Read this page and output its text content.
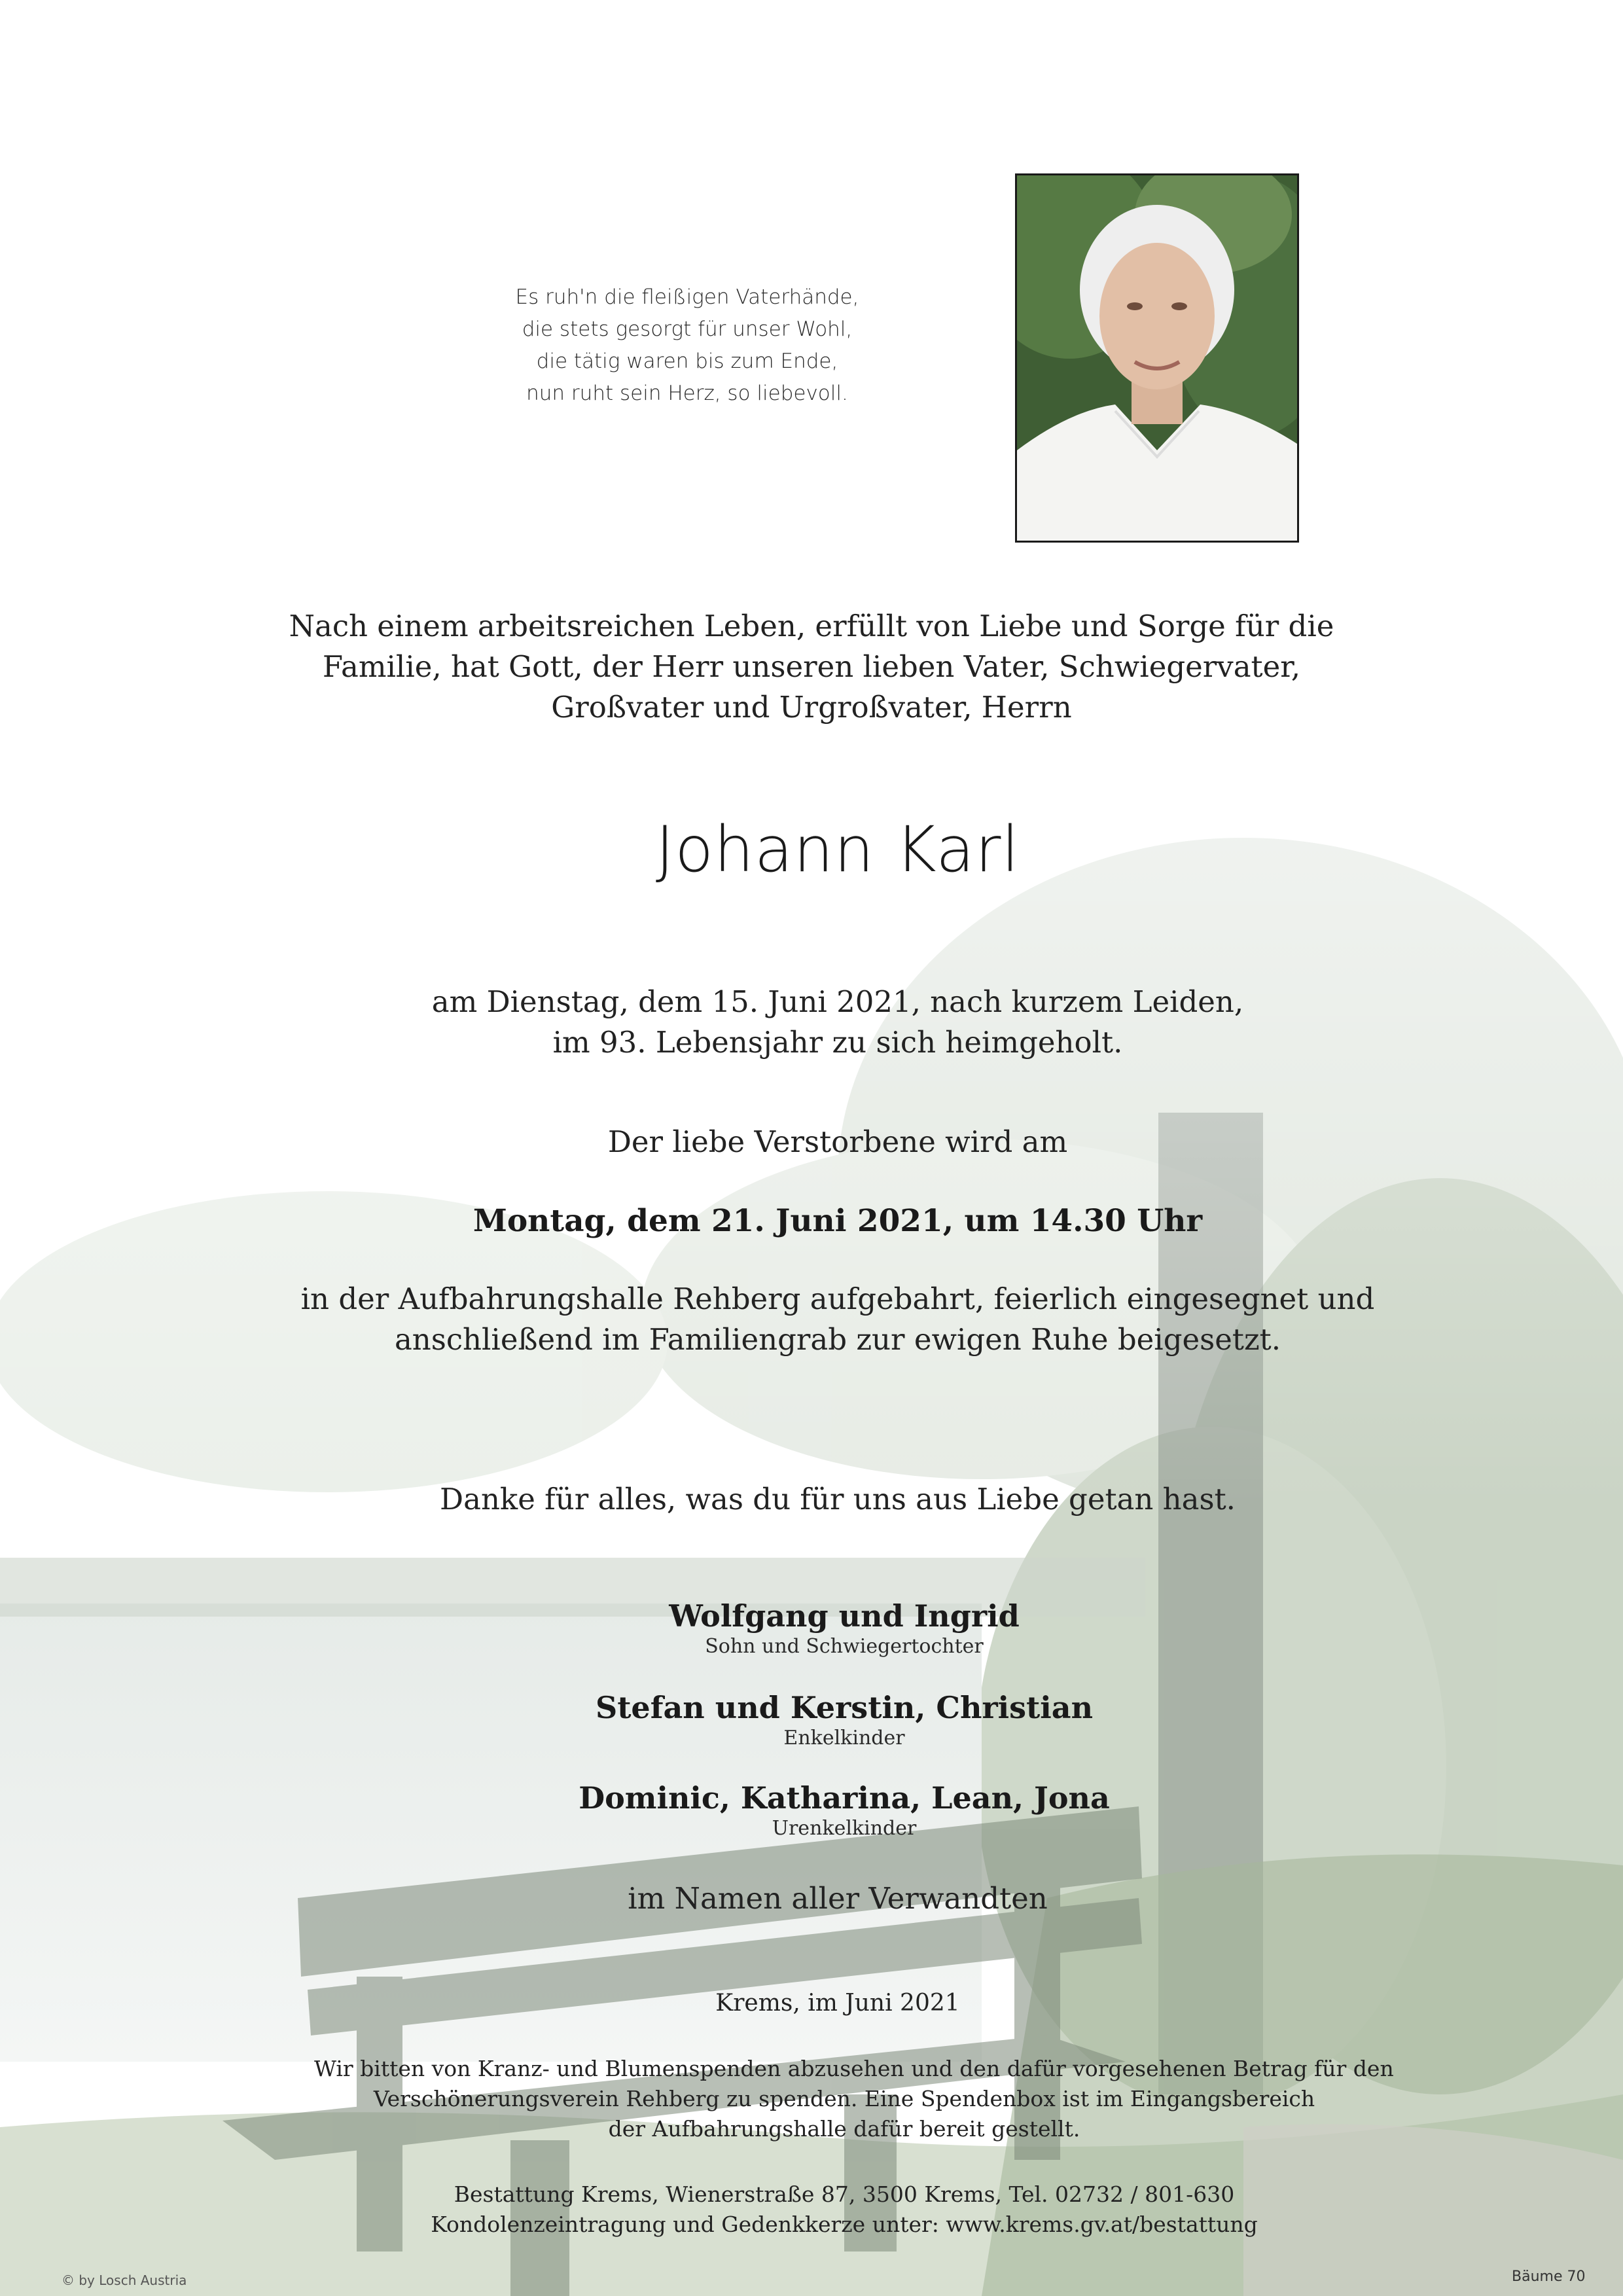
Es ruh'n die fleißigen Vaterhände,
die stets gesorgt für unser Wohl,
die tätig waren bis zum Ende,
nun ruht sein Herz, so liebevoll.
Nach einem arbeitsreichen Leben, erfüllt von Liebe und Sorge für die
Familie, hat Gott, der Herr unseren lieben Vater, Schwiegervater,
Großvater und Urgroßvater, Herrn
Johann Karl
am Dienstag, dem 15. Juni 2021, nach kurzem Leiden,
im 93. Lebensjahr zu sich heimgeholt.
Der liebe Verstorbene wird am
Montag, dem 21. Juni 2021, um 14.30 Uhr
in der Aufbahrungshalle Rehberg aufgebahrt, feierlich eingesegnet und
anschließend im Familiengrab zur ewigen Ruhe beigesetzt.
Danke für alles, was du für uns aus Liebe getan hast.
Wolfgang und Ingrid
Sohn und Schwiegertochter
Stefan und Kerstin, Christian
Enkelkinder
Dominic, Katharina, Lean, Jona
Urenkelkinder
im Namen aller Verwandten
Krems, im Juni 2021
Wir bitten von Kranz- und Blumenspenden abzusehen und den dafür vorgesehenen Betrag für den
Verschönerungsverein Rehberg zu spenden. Eine Spendenbox ist im Eingangsbereich
der Aufbahrungshalle dafür bereit gestellt.
Bestattung Krems, Wienerstraße 87, 3500 Krems, Tel. 02732 / 801-630
Kondolenzeintragung und Gedenkkerze unter: www.krems.gv.at/bestattung
© by Losch Austria	Bäume 70
